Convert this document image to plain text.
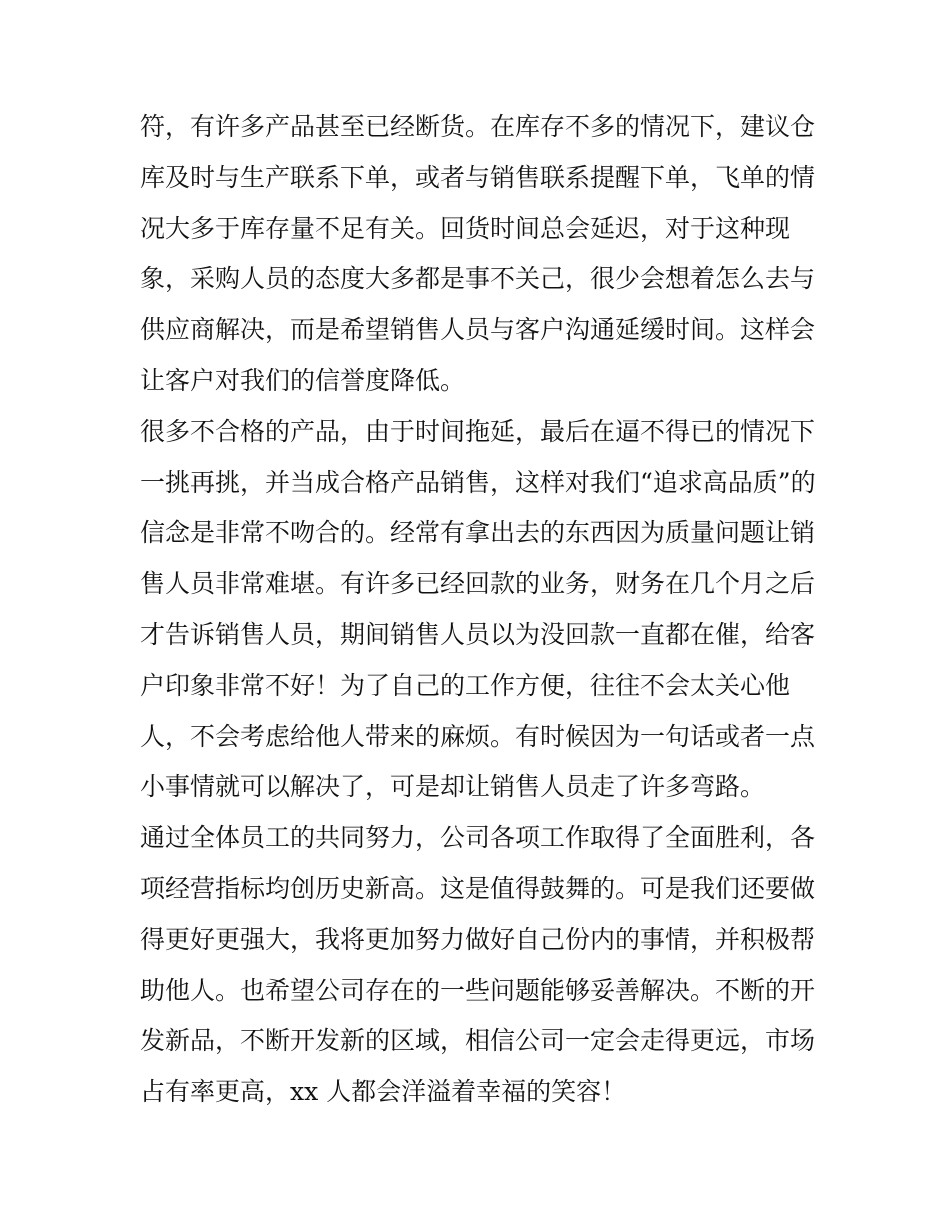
符，有许多产品甚至已经断货。在库存不多的情况下，建议仓
库及时与生产联系下单，或者与销售联系提醒下单，飞单的情
况大多于库存量不足有关。回货时间总会延迟，对于这种现
象，采购人员的态度大多都是事不关己，很少会想着怎么去与
供应商解决，而是希望销售人员与客户沟通延缓时间。这样会
让客户对我们的信誉度降低。
很多不合格的产品，由于时间拖延，最后在逼不得已的情况下
一挑再挑，并当成合格产品销售，这样对我们“追求高品质”的
信念是非常不吻合的。经常有拿出去的东西因为质量问题让销
售人员非常难堪。有许多已经回款的业务，财务在几个月之后
才告诉销售人员，期间销售人员以为没回款一直都在催，给客
户印象非常不好！为了自己的工作方便，往往不会太关心他
人，不会考虑给他人带来的麻烦。有时候因为一句话或者一点
小事情就可以解决了，可是却让销售人员走了许多弯路。
通过全体员工的共同努力，公司各项工作取得了全面胜利，各
项经营指标均创历史新高。这是值得鼓舞的。可是我们还要做
得更好更强大，我将更加努力做好自己份内的事情，并积极帮
助他人。也希望公司存在的一些问题能够妥善解决。不断的开
发新品，不断开发新的区域，相信公司一定会走得更远，市场
占有率更高，xx 人都会洋溢着幸福的笑容！
